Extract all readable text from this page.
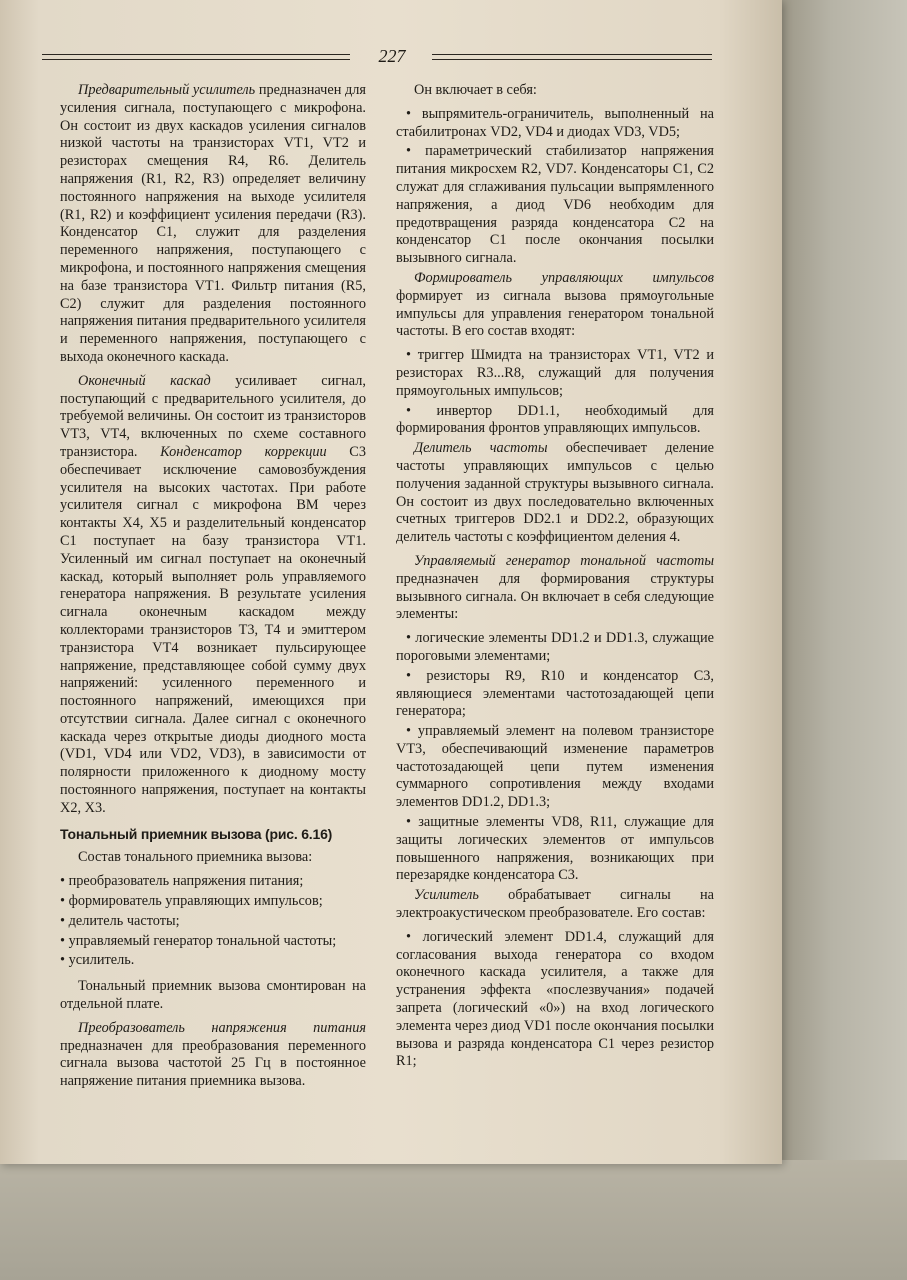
227

Предварительный усилитель предназначен для усиления сигнала, поступающего с микрофона. Он состоит из двух каскадов усиления сигналов низкой частоты на транзисторах VT1, VT2 и резисторах смещения R4, R6. Делитель напряжения (R1, R2, R3) определяет величину постоянного напряжения на выходе усилителя (R1, R2) и коэффициент усиления передачи (R3). Конденсатор С1, служит для разделения переменного напряжения, поступающего с микрофона, и постоянного напряжения смещения на базе транзистора VT1. Фильтр питания (R5, С2) служит для разделения постоянного напряжения питания предварительного усилителя и переменного напряжения, поступающего с выхода оконечного каскада.

Оконечный каскад усиливает сигнал, поступающий с предварительного усилителя, до требуемой величины. Он состоит из транзисторов VT3, VT4, включенных по схеме составного транзистора. Конденсатор коррекции С3 обеспечивает исключение самовозбуждения усилителя на высоких частотах. При работе усилителя сигнал с микрофона ВМ через контакты Х4, Х5 и разделительный конденсатор С1 поступает на базу транзистора VT1. Усиленный им сигнал поступает на оконечный каскад, который выполняет роль управляемого генератора напряжения. В результате усиления сигнала оконечным каскадом между коллекторами транзисторов Т3, Т4 и эмиттером транзистора VT4 возникает пульсирующее напряжение, представляющее собой сумму двух напряжений: усиленного переменного и постоянного напряжений, имеющихся при отсутствии сигнала. Далее сигнал с оконечного каскада через открытые диоды диодного моста (VD1, VD4 или VD2, VD3), в зависимости от полярности приложенного к диодному мосту постоянного напряжения, поступает на контакты Х2, Х3.

Тональный приемник вызова (рис. 6.16)

Состав тонального приемника вызова:

• преобразователь напряжения питания;
• формирователь управляющих импульсов;
• делитель частоты;
• управляемый генератор тональной частоты;
• усилитель.

Тональный приемник вызова смонтирован на отдельной плате.

Преобразователь напряжения питания предназначен для преобразования переменного сигнала вызова частотой 25 Гц в постоянное напряжение питания приемника вызова.

Он включает в себя:

• выпрямитель-ограничитель, выполненный на стабилитронах VD2, VD4 и диодах VD3, VD5;

• параметрический стабилизатор напряжения питания микросхем R2, VD7. Конденсаторы С1, С2 служат для сглаживания пульсации выпрямленного напряжения, а диод VD6 необходим для предотвращения разряда конденсатора С2 на конденсатор С1 после окончания посылки вызывного сигнала.

Формирователь управляющих импульсов формирует из сигнала вызова прямоугольные импульсы для управления генератором тональной частоты. В его состав входят:

• триггер Шмидта на транзисторах VT1, VT2 и резисторах R3...R8, служащий для получения прямоугольных импульсов;

• инвертор DD1.1, необходимый для формирования фронтов управляющих импульсов.

Делитель частоты обеспечивает деление частоты управляющих импульсов с целью получения заданной структуры вызывного сигнала. Он состоит из двух последовательно включенных счетных триггеров DD2.1 и DD2.2, образующих делитель частоты с коэффициентом деления 4.

Управляемый генератор тональной частоты предназначен для формирования структуры вызывного сигнала. Он включает в себя следующие элементы:

• логические элементы DD1.2 и DD1.3, служащие пороговыми элементами;

• резисторы R9, R10 и конденсатор С3, являющиеся элементами частотозадающей цепи генератора;

• управляемый элемент на полевом транзисторе VT3, обеспечивающий изменение параметров частотозадающей цепи путем изменения суммарного сопротивления между входами элементов DD1.2, DD1.3;

• защитные элементы VD8, R11, служащие для защиты логических элементов от импульсов повышенного напряжения, возникающих при перезарядке конденсатора С3.

Усилитель обрабатывает сигналы на электроакустическом преобразователе. Его состав:

• логический элемент DD1.4, служащий для согласования выхода генератора со входом оконечного каскада усилителя, а также для устранения эффекта «послезвучания» подачей запрета (логический «0») на вход логического элемента через диод VD1 после окончания посылки вызова и разряда конденсатора С1 через резистор R1;
